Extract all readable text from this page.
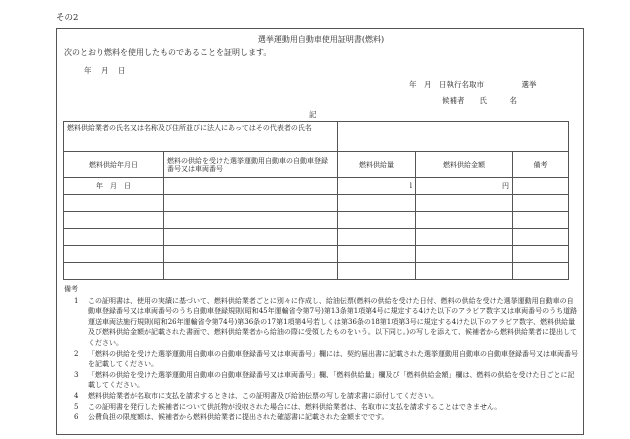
その2
選挙運動用自動車使用証明書(燃料)
次のとおり燃料を使用したものであることを証明します。
年　月　日
年　月　日執行名取市　　　　　選挙
候補者　　氏　　　名
記
燃料供給業者の氏名又は名称及び住所並びに法人にあってはその代表者の氏名				
燃料供給年月日	燃料の供給を受けた選挙運動用自動車の自動車登録番号又は車両番号	燃料供給量	燃料供給金額	備考
年　月　日		l	円	

備考
1 この証明書は、使用の実績に基づいて、燃料供給業者ごとに別々に作成し、給油伝票(燃料の供給を受けた日付、燃料の供給を受けた選挙運動用自動車の自動車登録番号又は車両番号のうち自動車登録規則(昭和45年運輸省令第7号)第13条第1項第4号に規定する4けた以下のアラビア数字又は車両番号のうち道路運送車両法施行規則(昭和26年運輸省令第74号)第36条の17第1項第4号若しくは第36条の18第1項第3号に規定する4けた以下のアラビア数字、燃料供給量及び燃料供給金額が記載された書面で、燃料供給業者から給油の際に受領したものをいう。以下同じ。)の写しを添えて、候補者から燃料供給業者に提出してください。
2 「燃料の供給を受けた選挙運動用自動車の自動車登録番号又は車両番号」欄には、契約届出書に記載された選挙運動用自動車の自動車登録番号又は車両番号を記載してください。
3 「燃料の供給を受けた選挙運動用自動車の自動車登録番号又は車両番号」欄、「燃料供給量」欄及び「燃料供給金額」欄は、燃料の供給を受けた日ごとに記載してください。
4 燃料供給業者が名取市に支払を請求するときは、この証明書及び給油伝票の写しを請求書に添付してください。
5 この証明書を発行した候補者について供託物が没収された場合には、燃料供給業者は、名取市に支払を請求することはできません。
6 公費負担の限度額は、候補者から燃料供給業者に提出された確認書に記載された金額までです。
